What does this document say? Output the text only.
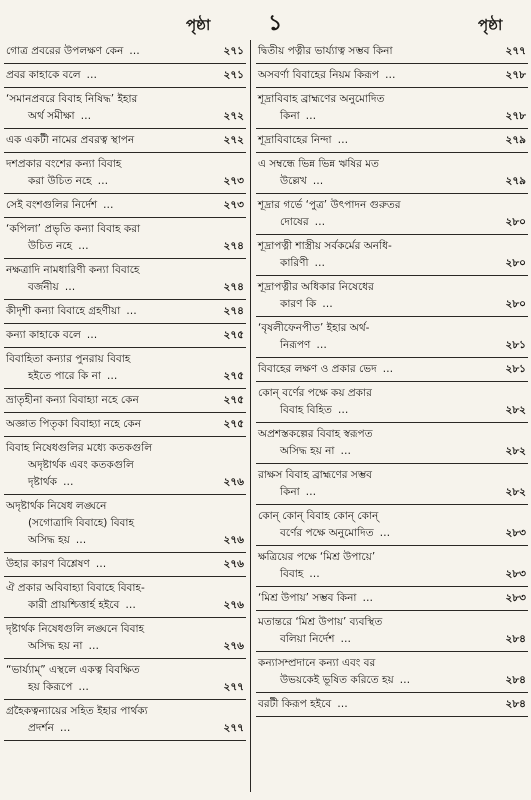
পৃষ্ঠা	১	পৃষ্ঠা
গোত্র প্রবরের উপলক্ষণ কেন …	২৭১
প্রবর কাহাকে বলে …	২৭১
‘সমানপ্রবরে বিবাহ নিষিদ্ধ’ ইহার
অর্থ সমীক্ষা …	২৭২
এক একটী নামের প্রবরত্ব স্থাপন	২৭২
দশপ্রকার বংশের কন্যা বিবাহ
করা উচিত নহে …	২৭৩
সেই বংশগুলির নির্দেশ …	২৭৩
‘কপিলা’ প্রভৃতি কন্যা বিবাহ করা
উচিত নহে …	২৭৪
নক্ষত্রাদি নামধারিণী কন্যা বিবাহে
বর্জনীয় …	২৭৪
কীদৃশী কন্যা বিবাহে গ্রহণীয়া …	২৭৪
কন্যা কাহাকে বলে …	২৭৫
বিবাহিতা কন্যার পুনরায় বিবাহ
হইতে পারে কি না …	২৭৫
ভ্রাতৃহীনা কন্যা বিবাহ্যা নহে কেন	২৭৫
অজ্ঞাত পিতৃকা বিবাহ্যা নহে কেন	২৭৫
বিবাহ নিষেধগুলির মধ্যে কতকগুলি
অদৃষ্টার্থক এবং কতকগুলি
দৃষ্টার্থক …	২৭৬
অদৃষ্টার্থক নিষেধ লঙ্ঘনে
(সগোত্রাদি বিবাহে) বিবাহ
অসিদ্ধ হয় …	২৭৬
উহার কারণ বিশ্লেষণ …	২৭৬
ঐ প্রকার অবিবাহ্যা বিবাহে বিবাহ-
কারী প্রায়শ্চিত্তার্হ হইবে …	২৭৬
দৃষ্টার্থক নিষেধগুলি লঙ্ঘনে বিবাহ
অসিদ্ধ হয় না …	২৭৬
“ভার্য্যাম্” এস্থলে একত্ব বিবক্ষিত
হয় কিরূপে …	২৭৭
গ্রহৈকত্বন্যায়ের সহিত ইহার পার্থক্য
প্রদর্শন …	২৭৭
দ্বিতীয় পত্নীর ভার্য্যাত্ব সম্ভব কিনা	২৭৭
অসবর্ণা বিবাহের নিয়ম কিরূপ …	২৭৮
শূদ্রাবিবাহ ব্রাহ্মণের অনুমোদিত
কিনা …	২৭৮
শূদ্রাবিবাহের নিন্দা …	২৭৯
এ সম্বন্ধে ভিন্ন ভিন্ন ঋষির মত
উল্লেখ …	২৭৯
শূদ্রার গর্ভে ‘পুত্র’ উৎপাদন গুরুতর
দোষের …	২৮০
শূদ্রাপত্নী শাস্ত্রীয় সর্বকর্মের অনধি-
কারিণী …	২৮০
শূদ্রাপত্নীর অধিকার নিষেধের
কারণ কি …	২৮০
‘বৃষলীফেনপীত’ ইহার অর্থ-
নিরূপণ …	২৮১
বিবাহের লক্ষণ ও প্রকার ভেদ …	২৮১
কোন্ বর্ণের পক্ষে কয় প্রকার
বিবাহ বিহিত …	২৮২
অপ্রশস্তকল্পের বিবাহ স্বরূপত
অসিদ্ধ হয় না …	২৮২
রাক্ষস বিবাহ ব্রাহ্মণের সম্ভব
কিনা …	২৮২
কোন্ কোন্ বিবাহ কোন্ কোন্
বর্ণের পক্ষে অনুমোদিত …	২৮৩
ক্ষত্রিয়ের পক্ষে ‘মিশ্র উপায়ে’
বিবাহ …	২৮৩
‘মিশ্র উপায়’ সম্ভব কিনা …	২৮৩
মতান্তরে ‘মিশ্র উপায়’ ব্যবস্থিত
বলিয়া নির্দেশ …	২৮৪
কন্যাসম্প্রদানে কন্যা এবং বর
উভয়কেই ভূষিত করিতে হয় …	২৮৪
বরটী কিরূপ হইবে …	২৮৪
